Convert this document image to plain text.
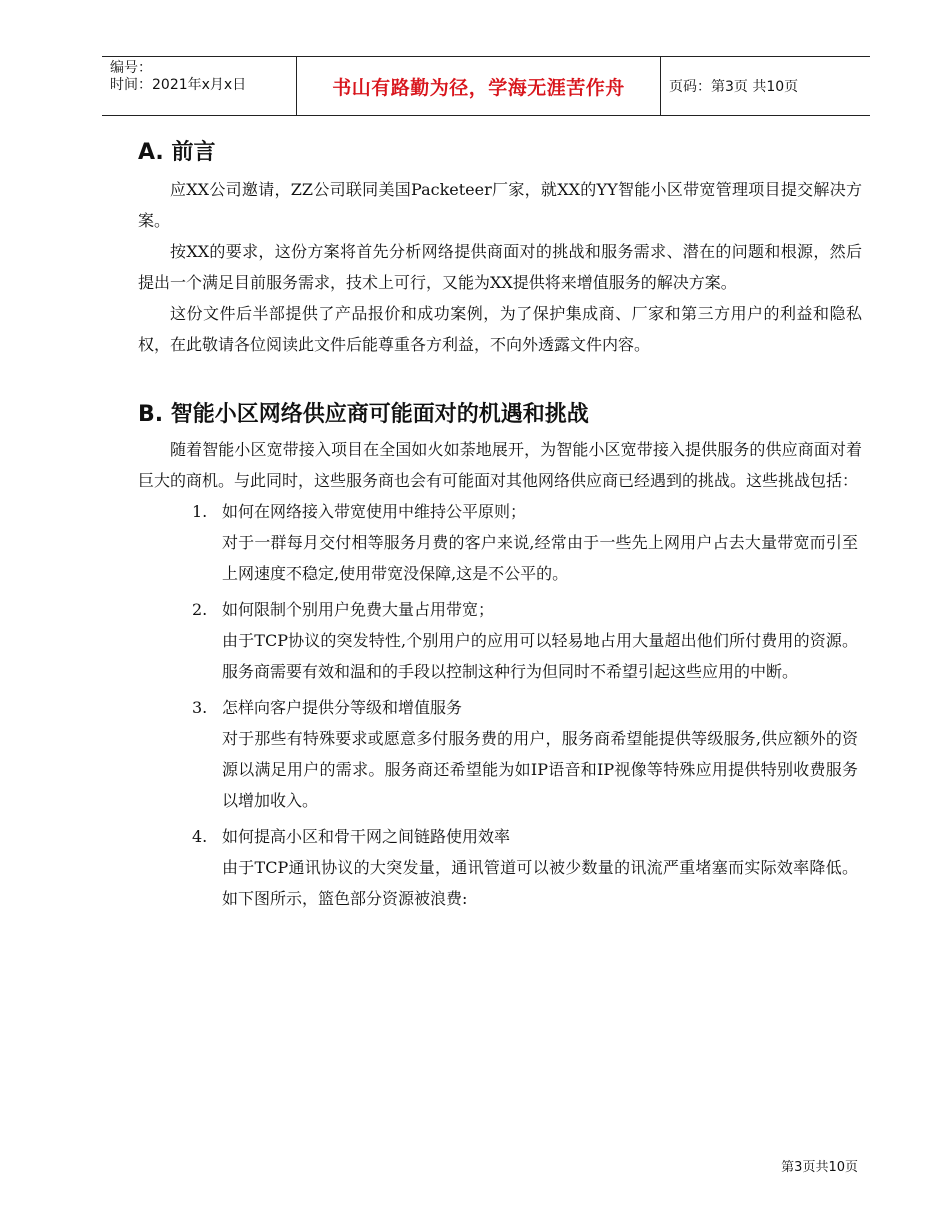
编号：
时间：2021年x月x日	书山有路勤为径，学海无涯苦作舟	页码：第3页 共10页
A. 前言

应XX公司邀请，ZZ公司联同美国Packeteer厂家，就XX的YY智能小区带宽管理项目提交解决方案。

按XX的要求，这份方案将首先分析网络提供商面对的挑战和服务需求、潜在的问题和根源，然后提出一个满足目前服务需求，技术上可行，又能为XX提供将来增值服务的解决方案。

这份文件后半部提供了产品报价和成功案例，为了保护集成商、厂家和第三方用户的利益和隐私权，在此敬请各位阅读此文件后能尊重各方利益，不向外透露文件内容。

B. 智能小区网络供应商可能面对的机遇和挑战

随着智能小区宽带接入项目在全国如火如荼地展开，为智能小区宽带接入提供服务的供应商面对着巨大的商机。与此同时，这些服务商也会有可能面对其他网络供应商已经遇到的挑战。这些挑战包括：

1. 如何在网络接入带宽使用中维持公平原则；
对于一群每月交付相等服务月费的客户来说,经常由于一些先上网用户占去大量带宽而引至上网速度不稳定,使用带宽没保障,这是不公平的。
2. 如何限制个别用户免费大量占用带宽；
由于TCP协议的突发特性,个别用户的应用可以轻易地占用大量超出他们所付费用的资源。服务商需要有效和温和的手段以控制这种行为但同时不希望引起这些应用的中断。
3. 怎样向客户提供分等级和增值服务
对于那些有特殊要求或愿意多付服务费的用户，服务商希望能提供等级服务,供应额外的资源以满足用户的需求。服务商还希望能为如IP语音和IP视像等特殊应用提供特别收费服务以增加收入。
4. 如何提高小区和骨干网之间链路使用效率
由于TCP通讯协议的大突发量，通讯管道可以被少数量的讯流严重堵塞而实际效率降低。如下图所示，篮色部分资源被浪费:
第3页共10页
